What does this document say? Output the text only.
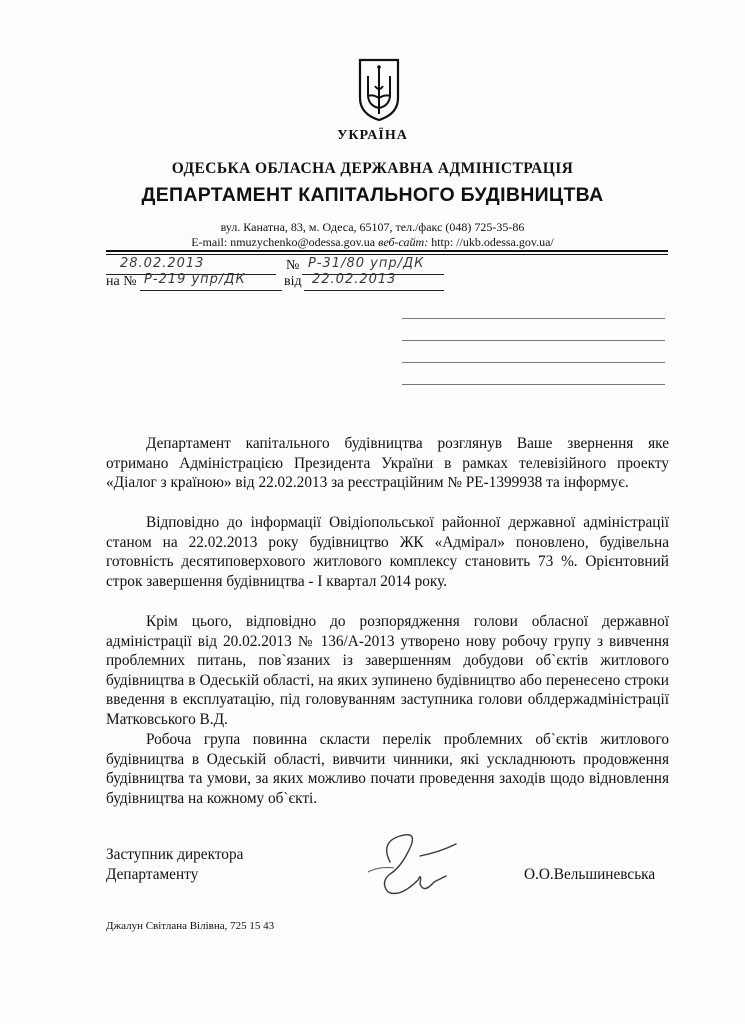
УКРАЇНА
ОДЕСЬКА ОБЛАСНА ДЕРЖАВНА АДМІНІСТРАЦІЯ
ДЕПАРТАМЕНТ КАПІТАЛЬНОГО БУДІВНИЦТВА
вул. Канатна, 83, м. Одеса, 65107, тел./факс (048) 725-35-86
E-mail: nmuzychenko@odessa.gov.ua веб-сайт: http: //ukb.odessa.gov.ua/
28.02.2013	№ Р-31/80 упр/ДК
на № Р-219 упр/ДК	від 22.02.2013

Департамент капітального будівництва розглянув Ваше звернення яке отримано Адміністрацією Президента України в рамках телевізійного проекту «Діалог з країною» від 22.02.2013 за реєстраційним № РЕ-1399938 та інформує.

Відповідно до інформації Овідіопольської районної державної адміністрації станом на 22.02.2013 року будівництво ЖК «Адмірал» поновлено, будівельна готовність десятиповерхового житлового комплексу становить 73 %. Орієнтовний строк завершення будівництва - І квартал 2014 року.

Крім цього, відповідно до розпорядження голови обласної державної адміністрації від 20.02.2013 № 136/А-2013 утворено нову робочу групу з вивчення проблемних питань, пов`язаних із завершенням добудови об`єктів житлового будівництва в Одеській області, на яких зупинено будівництво або перенесено строки введення в експлуатацію, під головуванням заступника голови облдержадміністрації Матковського В.Д.

Робоча група повинна скласти перелік проблемних об`єктів житлового будівництва в Одеській області, вивчити чинники, які ускладнюють продовження будівництва та умови, за яких можливо почати проведення заходів щодо відновлення будівництва на кожному об`єкті.

Заступник директора
Департаменту	О.О.Вельшиневська
Джалун Світлана Вілівна, 725 15 43
